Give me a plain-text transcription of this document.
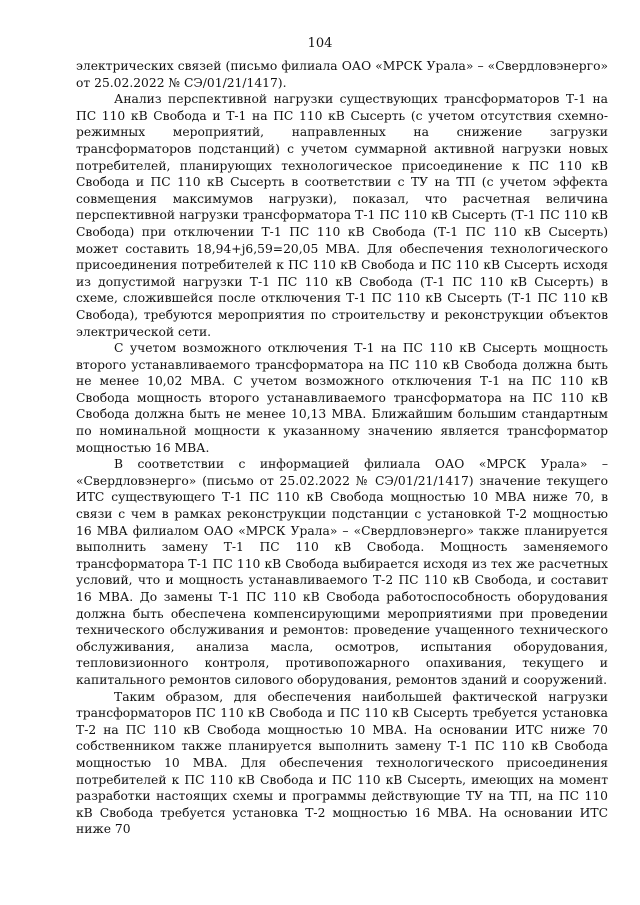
104

электрических связей (письмо филиала ОАО «МРСК Урала» – «Свердловэнерго» от 25.02.2022 № СЭ/01/21/1417).

Анализ перспективной нагрузки существующих трансформаторов Т-1 на ПС 110 кВ Свобода и Т-1 на ПС 110 кВ Сысерть (с учетом отсутствия схемно-режимных мероприятий, направленных на снижение загрузки трансформаторов подстанций) с учетом суммарной активной нагрузки новых потребителей, планирующих технологическое присоединение к ПС 110 кВ Свобода и ПС 110 кВ Сысерть в соответствии с ТУ на ТП (с учетом эффекта совмещения максимумов нагрузки), показал, что расчетная величина перспективной нагрузки трансформатора Т-1 ПС 110 кВ Сысерть (Т-1 ПС 110 кВ Свобода) при отключении Т-1 ПС 110 кВ Свобода (Т-1 ПС 110 кВ Сысерть) может составить 18,94+j6,59=20,05 МВА. Для обеспечения технологического присоединения потребителей к ПС 110 кВ Свобода и ПС 110 кВ Сысерть исходя из допустимой нагрузки Т-1 ПС 110 кВ Свобода (Т-1 ПС 110 кВ Сысерть) в схеме, сложившейся после отключения Т-1 ПС 110 кВ Сысерть (Т-1 ПС 110 кВ Свобода), требуются мероприятия по строительству и реконструкции объектов электрической сети.

С учетом возможного отключения Т-1 на ПС 110 кВ Сысерть мощность второго устанавливаемого трансформатора на ПС 110 кВ Свобода должна быть не менее 10,02 МВА. С учетом возможного отключения Т-1 на ПС 110 кВ Свобода мощность второго устанавливаемого трансформатора на ПС 110 кВ Свобода должна быть не менее 10,13 МВА. Ближайшим большим стандартным по номинальной мощности к указанному значению является трансформатор мощностью 16 МВА.

В соответствии с информацией филиала ОАО «МРСК Урала» – «Свердловэнерго» (письмо от 25.02.2022 № СЭ/01/21/1417) значение текущего ИТС существующего Т-1 ПС 110 кВ Свобода мощностью 10 МВА ниже 70, в связи с чем в рамках реконструкции подстанции с установкой Т-2 мощностью 16 МВА филиалом ОАО «МРСК Урала» – «Свердловэнерго» также планируется выполнить замену Т-1 ПС 110 кВ Свобода. Мощность заменяемого трансформатора Т-1 ПС 110 кВ Свобода выбирается исходя из тех же расчетных условий, что и мощность устанавливаемого Т-2 ПС 110 кВ Свобода, и составит 16 МВА. До замены Т-1 ПС 110 кВ Свобода работоспособность оборудования должна быть обеспечена компенсирующими мероприятиями при проведении технического обслуживания и ремонтов: проведение учащенного технического обслуживания, анализа масла, осмотров, испытания оборудования, тепловизионного контроля, противопожарного опахивания, текущего и капитального ремонтов силового оборудования, ремонтов зданий и сооружений.

Таким образом, для обеспечения наибольшей фактической нагрузки трансформаторов ПС 110 кВ Свобода и ПС 110 кВ Сысерть требуется установка Т-2 на ПС 110 кВ Свобода мощностью 10 МВА. На основании ИТС ниже 70 собственником также планируется выполнить замену Т-1 ПС 110 кВ Свобода мощностью 10 МВА. Для обеспечения технологического присоединения потребителей к ПС 110 кВ Свобода и ПС 110 кВ Сысерть, имеющих на момент разработки настоящих схемы и программы действующие ТУ на ТП, на ПС 110 кВ Свобода требуется установка Т-2 мощностью 16 МВА. На основании ИТС ниже 70
